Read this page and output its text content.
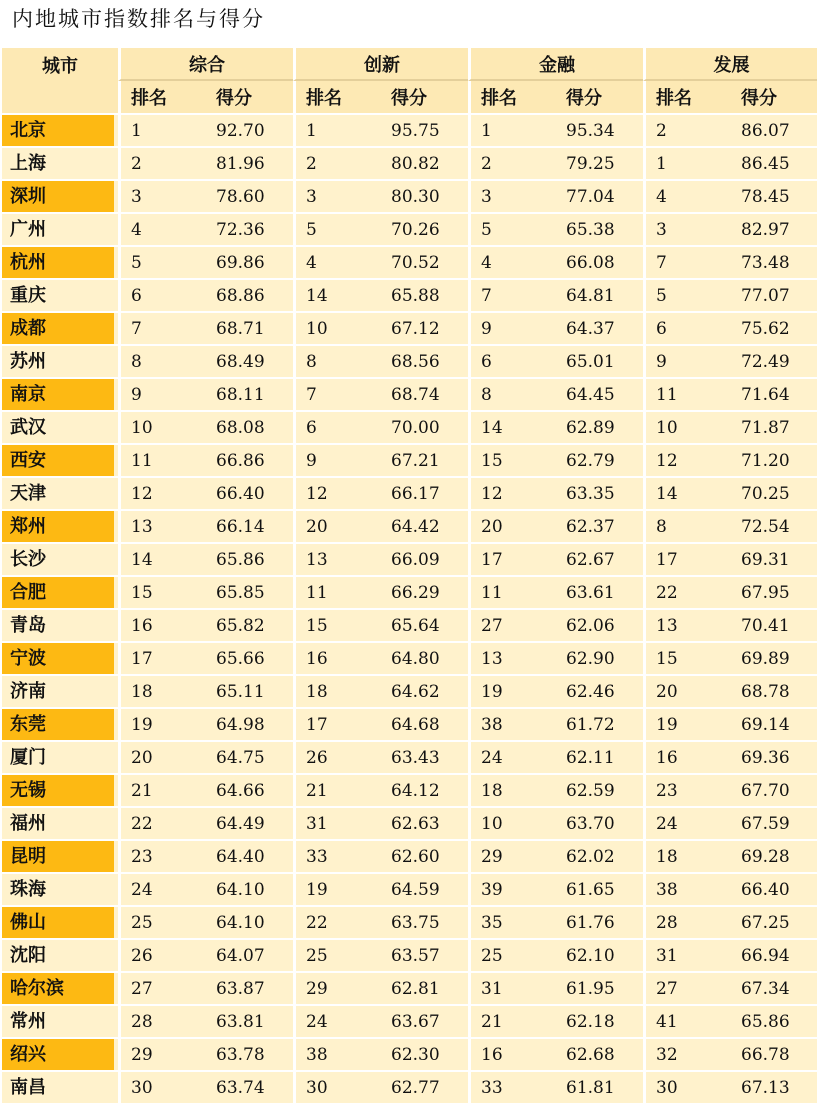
内地城市指数排名与得分
城市	综合		创新		金融		发展	
	排名	得分	排名	得分	排名	得分	排名	得分

北京	1	92.70	1	95.75	1	95.34	2	86.07

上海	2	81.96	2	80.82	2	79.25	1	86.45

深圳	3	78.60	3	80.30	3	77.04	4	78.45

广州	4	72.36	5	70.26	5	65.38	3	82.97

杭州	5	69.86	4	70.52	4	66.08	7	73.48

重庆	6	68.86	14	65.88	7	64.81	5	77.07

成都	7	68.71	10	67.12	9	64.37	6	75.62

苏州	8	68.49	8	68.56	6	65.01	9	72.49

南京	9	68.11	7	68.74	8	64.45	11	71.64

武汉	10	68.08	6	70.00	14	62.89	10	71.87

西安	11	66.86	9	67.21	15	62.79	12	71.20

天津	12	66.40	12	66.17	12	63.35	14	70.25

郑州	13	66.14	20	64.42	20	62.37	8	72.54

长沙	14	65.86	13	66.09	17	62.67	17	69.31

合肥	15	65.85	11	66.29	11	63.61	22	67.95

青岛	16	65.82	15	65.64	27	62.06	13	70.41

宁波	17	65.66	16	64.80	13	62.90	15	69.89

济南	18	65.11	18	64.62	19	62.46	20	68.78

东莞	19	64.98	17	64.68	38	61.72	19	69.14

厦门	20	64.75	26	63.43	24	62.11	16	69.36

无锡	21	64.66	21	64.12	18	62.59	23	67.70

福州	22	64.49	31	62.63	10	63.70	24	67.59

昆明	23	64.40	33	62.60	29	62.02	18	69.28

珠海	24	64.10	19	64.59	39	61.65	38	66.40

佛山	25	64.10	22	63.75	35	61.76	28	67.25

沈阳	26	64.07	25	63.57	25	62.10	31	66.94

哈尔滨	27	63.87	29	62.81	31	61.95	27	67.34

常州	28	63.81	24	63.67	21	62.18	41	65.86

绍兴	29	63.78	38	62.30	16	62.68	32	66.78

南昌	30	63.74	30	62.77	33	61.81	30	67.13
